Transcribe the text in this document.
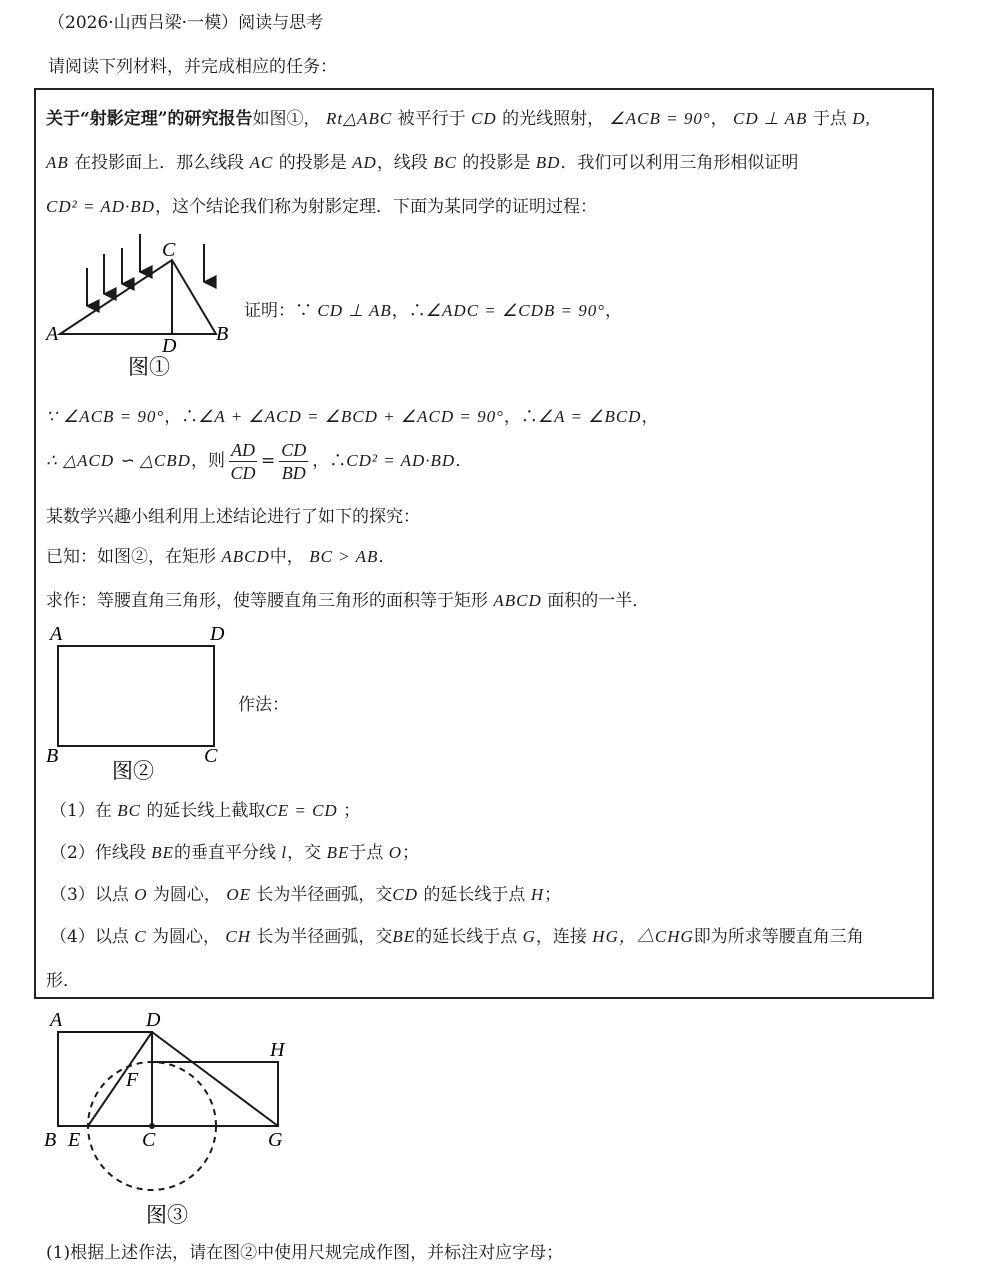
（2026·山西吕梁·一模）阅读与思考
请阅读下列材料，并完成相应的任务：
关于“射影定理”的研究报告如图①， Rt△ABC 被平行于 CD 的光线照射， ∠ACB = 90°， CD ⊥ AB 于点 D,
AB 在投影面上．那么线段 AC 的投影是 AD，线段 BC 的投影是 BD．我们可以利用三角形相似证明
CD² = AD·BD，这个结论我们称为射影定理．下面为某同学的证明过程：
A	B
C
D
图①
证明：∵ CD ⊥ AB，∴∠ADC = ∠CDB = 90°，
∵ ∠ACB = 90°，∴∠A + ∠ACD = ∠BCD + ∠ACD = 90°，∴∠A = ∠BCD，
∴ △ACD ∽ △CBD，则 $\frac{AD}{CD} = \frac{CD}{BD}$ ，∴CD² = AD·BD．
某数学兴趣小组利用上述结论进行了如下的探究：
已知：如图②，在矩形 ABCD中， BC > AB．
求作：等腰直角三角形，使等腰直角三角形的面积等于矩形 ABCD 面积的一半．
A	D
B	C
图②
作法：
（1）在 BC 的延长线上截取CE = CD ；
（2）作线段 BE的垂直平分线 l，交 BE于点 O；
（3）以点 O 为圆心， OE 长为半径画弧，交CD 的延长线于点 H；
（4）以点 C 为圆心， CH 长为半径画弧，交BE的延长线于点 G，连接 HG，△CHG即为所求等腰直角三角
形．
A	D
H
F
B E	C	G
图③
(1)根据上述作法，请在图②中使用尺规完成作图，并标注对应字母；
